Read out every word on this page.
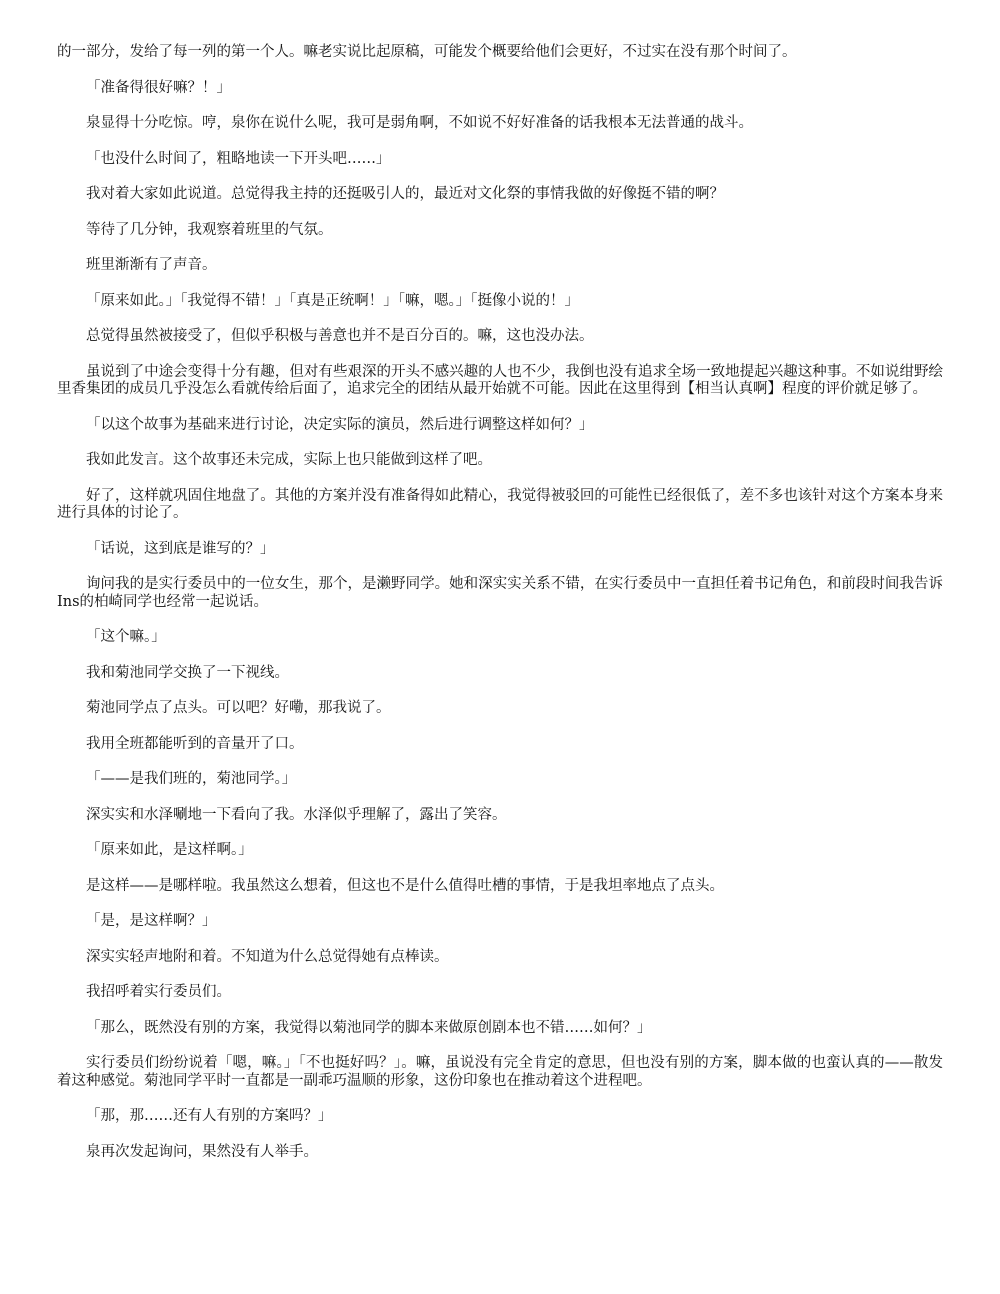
的一部分，发给了每一列的第一个人。嘛老实说比起原稿，可能发个概要给他们会更好，不过实在没有那个时间了。

「准备得很好嘛？！」

泉显得十分吃惊。哼，泉你在说什么呢，我可是弱角啊，不如说不好好准备的话我根本无法普通的战斗。

「也没什么时间了，粗略地读一下开头吧……」

我对着大家如此说道。总觉得我主持的还挺吸引人的，最近对文化祭的事情我做的好像挺不错的啊？

等待了几分钟，我观察着班里的气氛。

班里渐渐有了声音。

「原来如此。」「我觉得不错！」「真是正统啊！」「嘛，嗯。」「挺像小说的！」

总觉得虽然被接受了，但似乎积极与善意也并不是百分百的。嘛，这也没办法。

虽说到了中途会变得十分有趣，但对有些艰深的开头不感兴趣的人也不少，我倒也没有追求全场一致地提起兴趣这种事。不如说绀野绘里香集团的成员几乎没怎么看就传给后面了，追求完全的团结从最开始就不可能。因此在这里得到【相当认真啊】程度的评价就足够了。

「以这个故事为基础来进行讨论，决定实际的演员，然后进行调整这样如何？」

我如此发言。这个故事还未完成，实际上也只能做到这样了吧。

好了，这样就巩固住地盘了。其他的方案并没有准备得如此精心，我觉得被驳回的可能性已经很低了，差不多也该针对这个方案本身来进行具体的讨论了。

「话说，这到底是谁写的？」

询问我的是实行委员中的一位女生，那个，是濑野同学。她和深实实关系不错，在实行委员中一直担任着书记角色，和前段时间我告诉Ins的柏崎同学也经常一起说话。

「这个嘛。」

我和菊池同学交换了一下视线。

菊池同学点了点头。可以吧？好嘞，那我说了。

我用全班都能听到的音量开了口。

「——是我们班的，菊池同学。」

深实实和水泽唰地一下看向了我。水泽似乎理解了，露出了笑容。

「原来如此，是这样啊。」

是这样——是哪样啦。我虽然这么想着，但这也不是什么值得吐槽的事情，于是我坦率地点了点头。

「是，是这样啊？」

深实实轻声地附和着。不知道为什么总觉得她有点棒读。

我招呼着实行委员们。

「那么，既然没有别的方案，我觉得以菊池同学的脚本来做原创剧本也不错……如何？」

实行委员们纷纷说着「嗯，嘛。」「不也挺好吗？」。嘛，虽说没有完全肯定的意思，但也没有别的方案，脚本做的也蛮认真的——散发着这种感觉。菊池同学平时一直都是一副乖巧温顺的形象，这份印象也在推动着这个进程吧。

「那，那……还有人有别的方案吗？」

泉再次发起询问，果然没有人举手。
